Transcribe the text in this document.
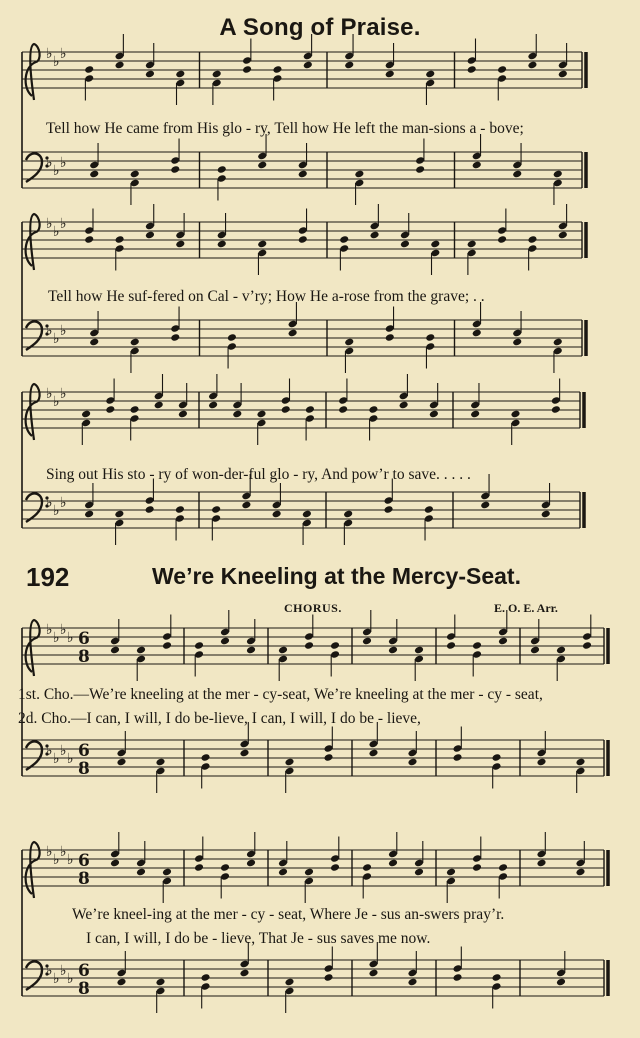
A Song of Praise.
♭ ♭ ♭
♭ ♭ ♭
♭ ♭ ♭
♭ ♭ ♭
♭ ♭ ♭
♭ ♭ ♭
♭ ♭ ♭ ♭
♭ ♭ ♭ ♭
6
8
6
8
♭ ♭ ♭ ♭
♭ ♭ ♭ ♭
6
8
6
8
Tell how He came from His glo - ry, Tell how He left the man-sions a - bove;
Tell how He suf-fered on Cal - v’ry; How He a-rose from the grave; . .
Sing out His sto - ry of won-der-ful glo - ry, And pow’r to save. . . . .
192	We’re Kneeling at the Mercy-Seat.
CHORUS.	E. O. E. Arr.
1st. Cho.—We’re kneeling at the mer - cy-seat, We’re kneeling at the mer - cy - seat,
2d. Cho.—I can, I will, I do be-lieve, I can, I will, I do be - lieve,
We’re kneel-ing at the mer - cy - seat, Where Je - sus an-swers pray’r.
I can, I will, I do be - lieve, That Je - sus saves me now.
